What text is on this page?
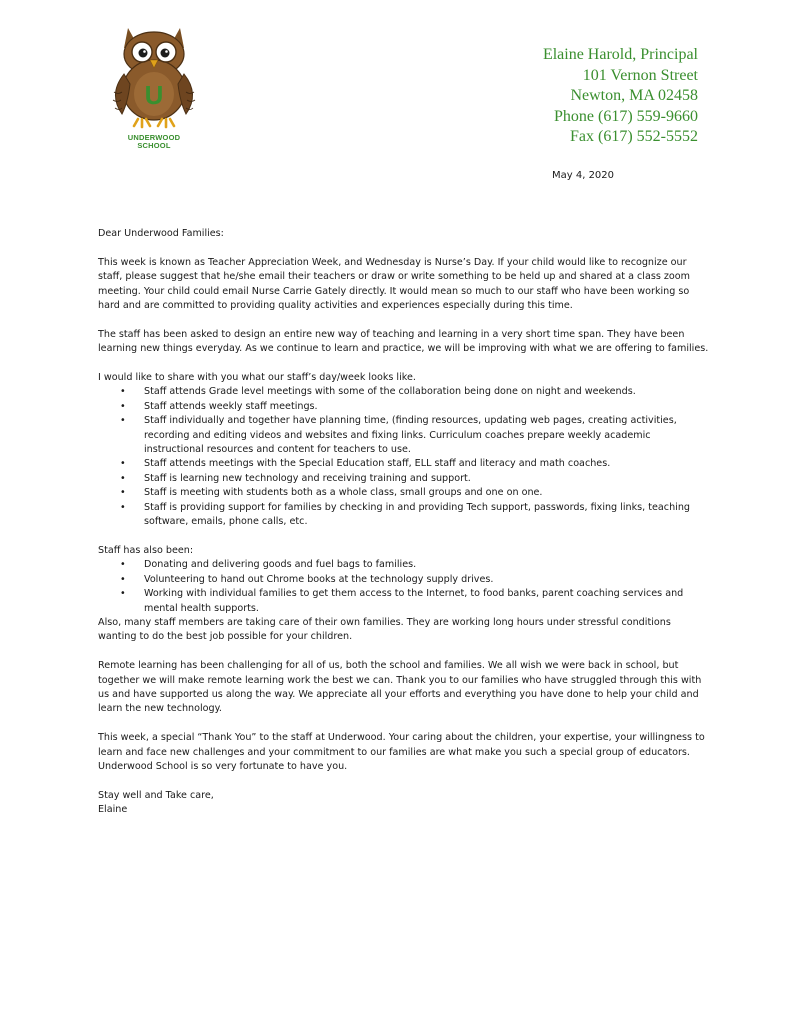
U
UNDERWOOD
SCHOOL
Elaine Harold, Principal
101 Vernon Street
Newton, MA 02458
Phone (617) 559-9660
Fax (617) 552-5552
May 4, 2020

Dear Underwood Families:

This week is known as Teacher Appreciation Week, and Wednesday is Nurse’s Day. If your child would like to recognize our staff, please suggest that he/she email their teachers or draw or write something to be held up and shared at a class zoom meeting. Your child could email Nurse Carrie Gately directly. It would mean so much to our staff who have been working so hard and are committed to providing quality activities and experiences especially during this time.

The staff has been asked to design an entire new way of teaching and learning in a very short time span. They have been learning new things everyday. As we continue to learn and practice, we will be improving with what we are offering to families.

I would like to share with you what our staff’s day/week looks like.

• Staff attends Grade level meetings with some of the collaboration being done on night and weekends.
• Staff attends weekly staff meetings.
• Staff individually and together have planning time, (finding resources, updating web pages, creating activities, recording and editing videos and websites and fixing links. Curriculum coaches prepare weekly academic instructional resources and content for teachers to use.
• Staff attends meetings with the Special Education staff, ELL staff and literacy and math coaches.
• Staff is learning new technology and receiving training and support.
• Staff is meeting with students both as a whole class, small groups and one on one.
• Staff is providing support for families by checking in and providing Tech support, passwords, fixing links, teaching software, emails, phone calls, etc.

Staff has also been:

• Donating and delivering goods and fuel bags to families.
• Volunteering to hand out Chrome books at the technology supply drives.
• Working with individual families to get them access to the Internet, to food banks, parent coaching services and mental health supports.

Also, many staff members are taking care of their own families. They are working long hours under stressful conditions wanting to do the best job possible for your children.

Remote learning has been challenging for all of us, both the school and families. We all wish we were back in school, but together we will make remote learning work the best we can. Thank you to our families who have struggled through this with us and have supported us along the way. We appreciate all your efforts and everything you have done to help your child and learn the new technology.

This week, a special “Thank You” to the staff at Underwood. Your caring about the children, your expertise, your willingness to learn and face new challenges and your commitment to our families are what make you such a special group of educators. Underwood School is so very fortunate to have you.

Stay well and Take care,

Elaine
